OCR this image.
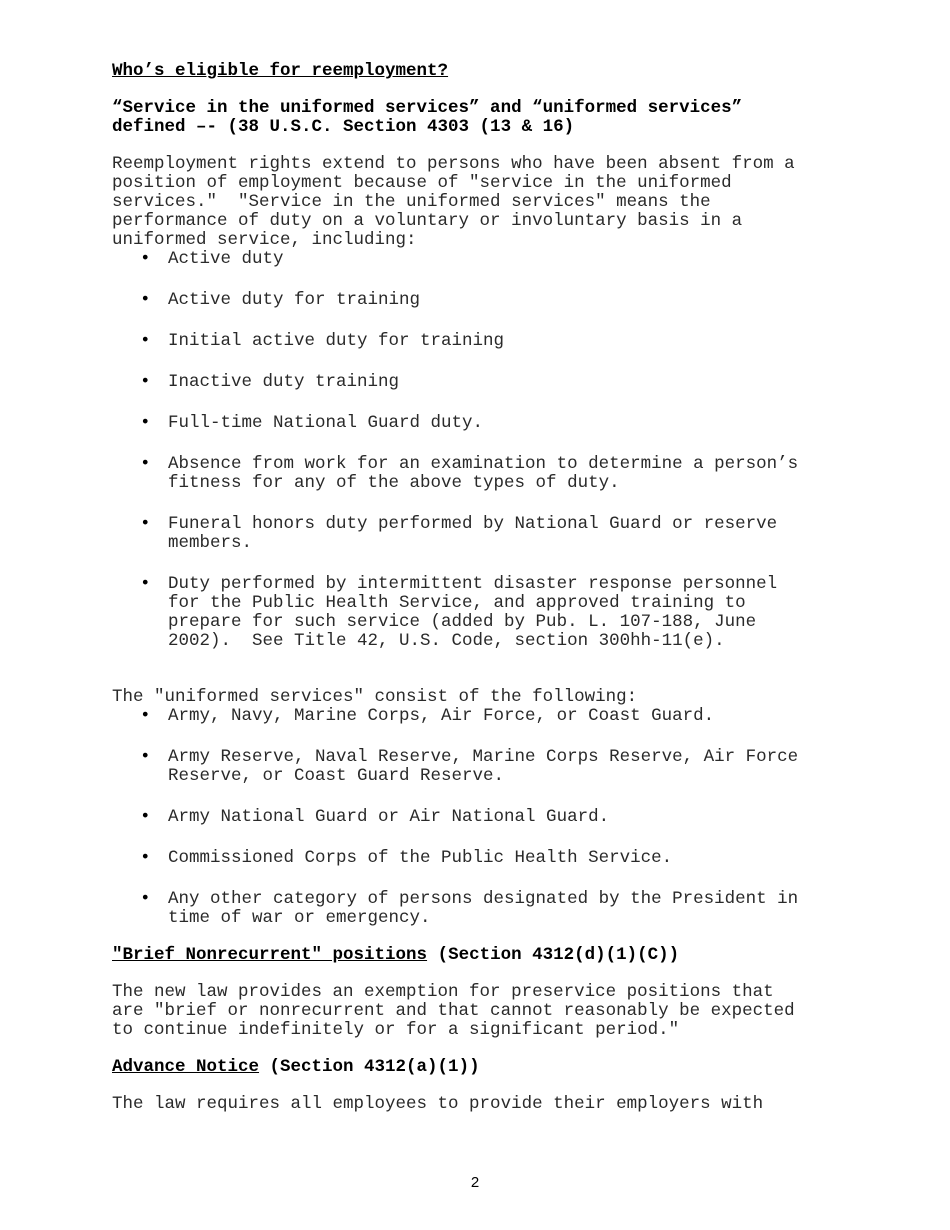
Who’s eligible for reemployment?

“Service in the uniformed services” and “uniformed services”
defined –- (38 U.S.C. Section 4303 (13 & 16)

Reemployment rights extend to persons who have been absent from a
position of employment because of "service in the uniformed
services."  "Service in the uniformed services" means the
performance of duty on a voluntary or involuntary basis in a
uniformed service, including:

• Active duty
• Active duty for training
• Initial active duty for training
• Inactive duty training
• Full-time National Guard duty.
• Absence from work for an examination to determine a person’s
fitness for any of the above types of duty.
• Funeral honors duty performed by National Guard or reserve
members.
• Duty performed by intermittent disaster response personnel
for the Public Health Service, and approved training to
prepare for such service (added by Pub. L. 107-188, June
2002).  See Title 42, U.S. Code, section 300hh-11(e).

The "uniformed services" consist of the following:

• Army, Navy, Marine Corps, Air Force, or Coast Guard.
• Army Reserve, Naval Reserve, Marine Corps Reserve, Air Force
Reserve, or Coast Guard Reserve.
• Army National Guard or Air National Guard.
• Commissioned Corps of the Public Health Service.
• Any other category of persons designated by the President in
time of war or emergency.

"Brief Nonrecurrent" positions (Section 4312(d)(1)(C))

The new law provides an exemption for preservice positions that
are "brief or nonrecurrent and that cannot reasonably be expected
to continue indefinitely or for a significant period."

Advance Notice (Section 4312(a)(1))

The law requires all employees to provide their employers with

2
